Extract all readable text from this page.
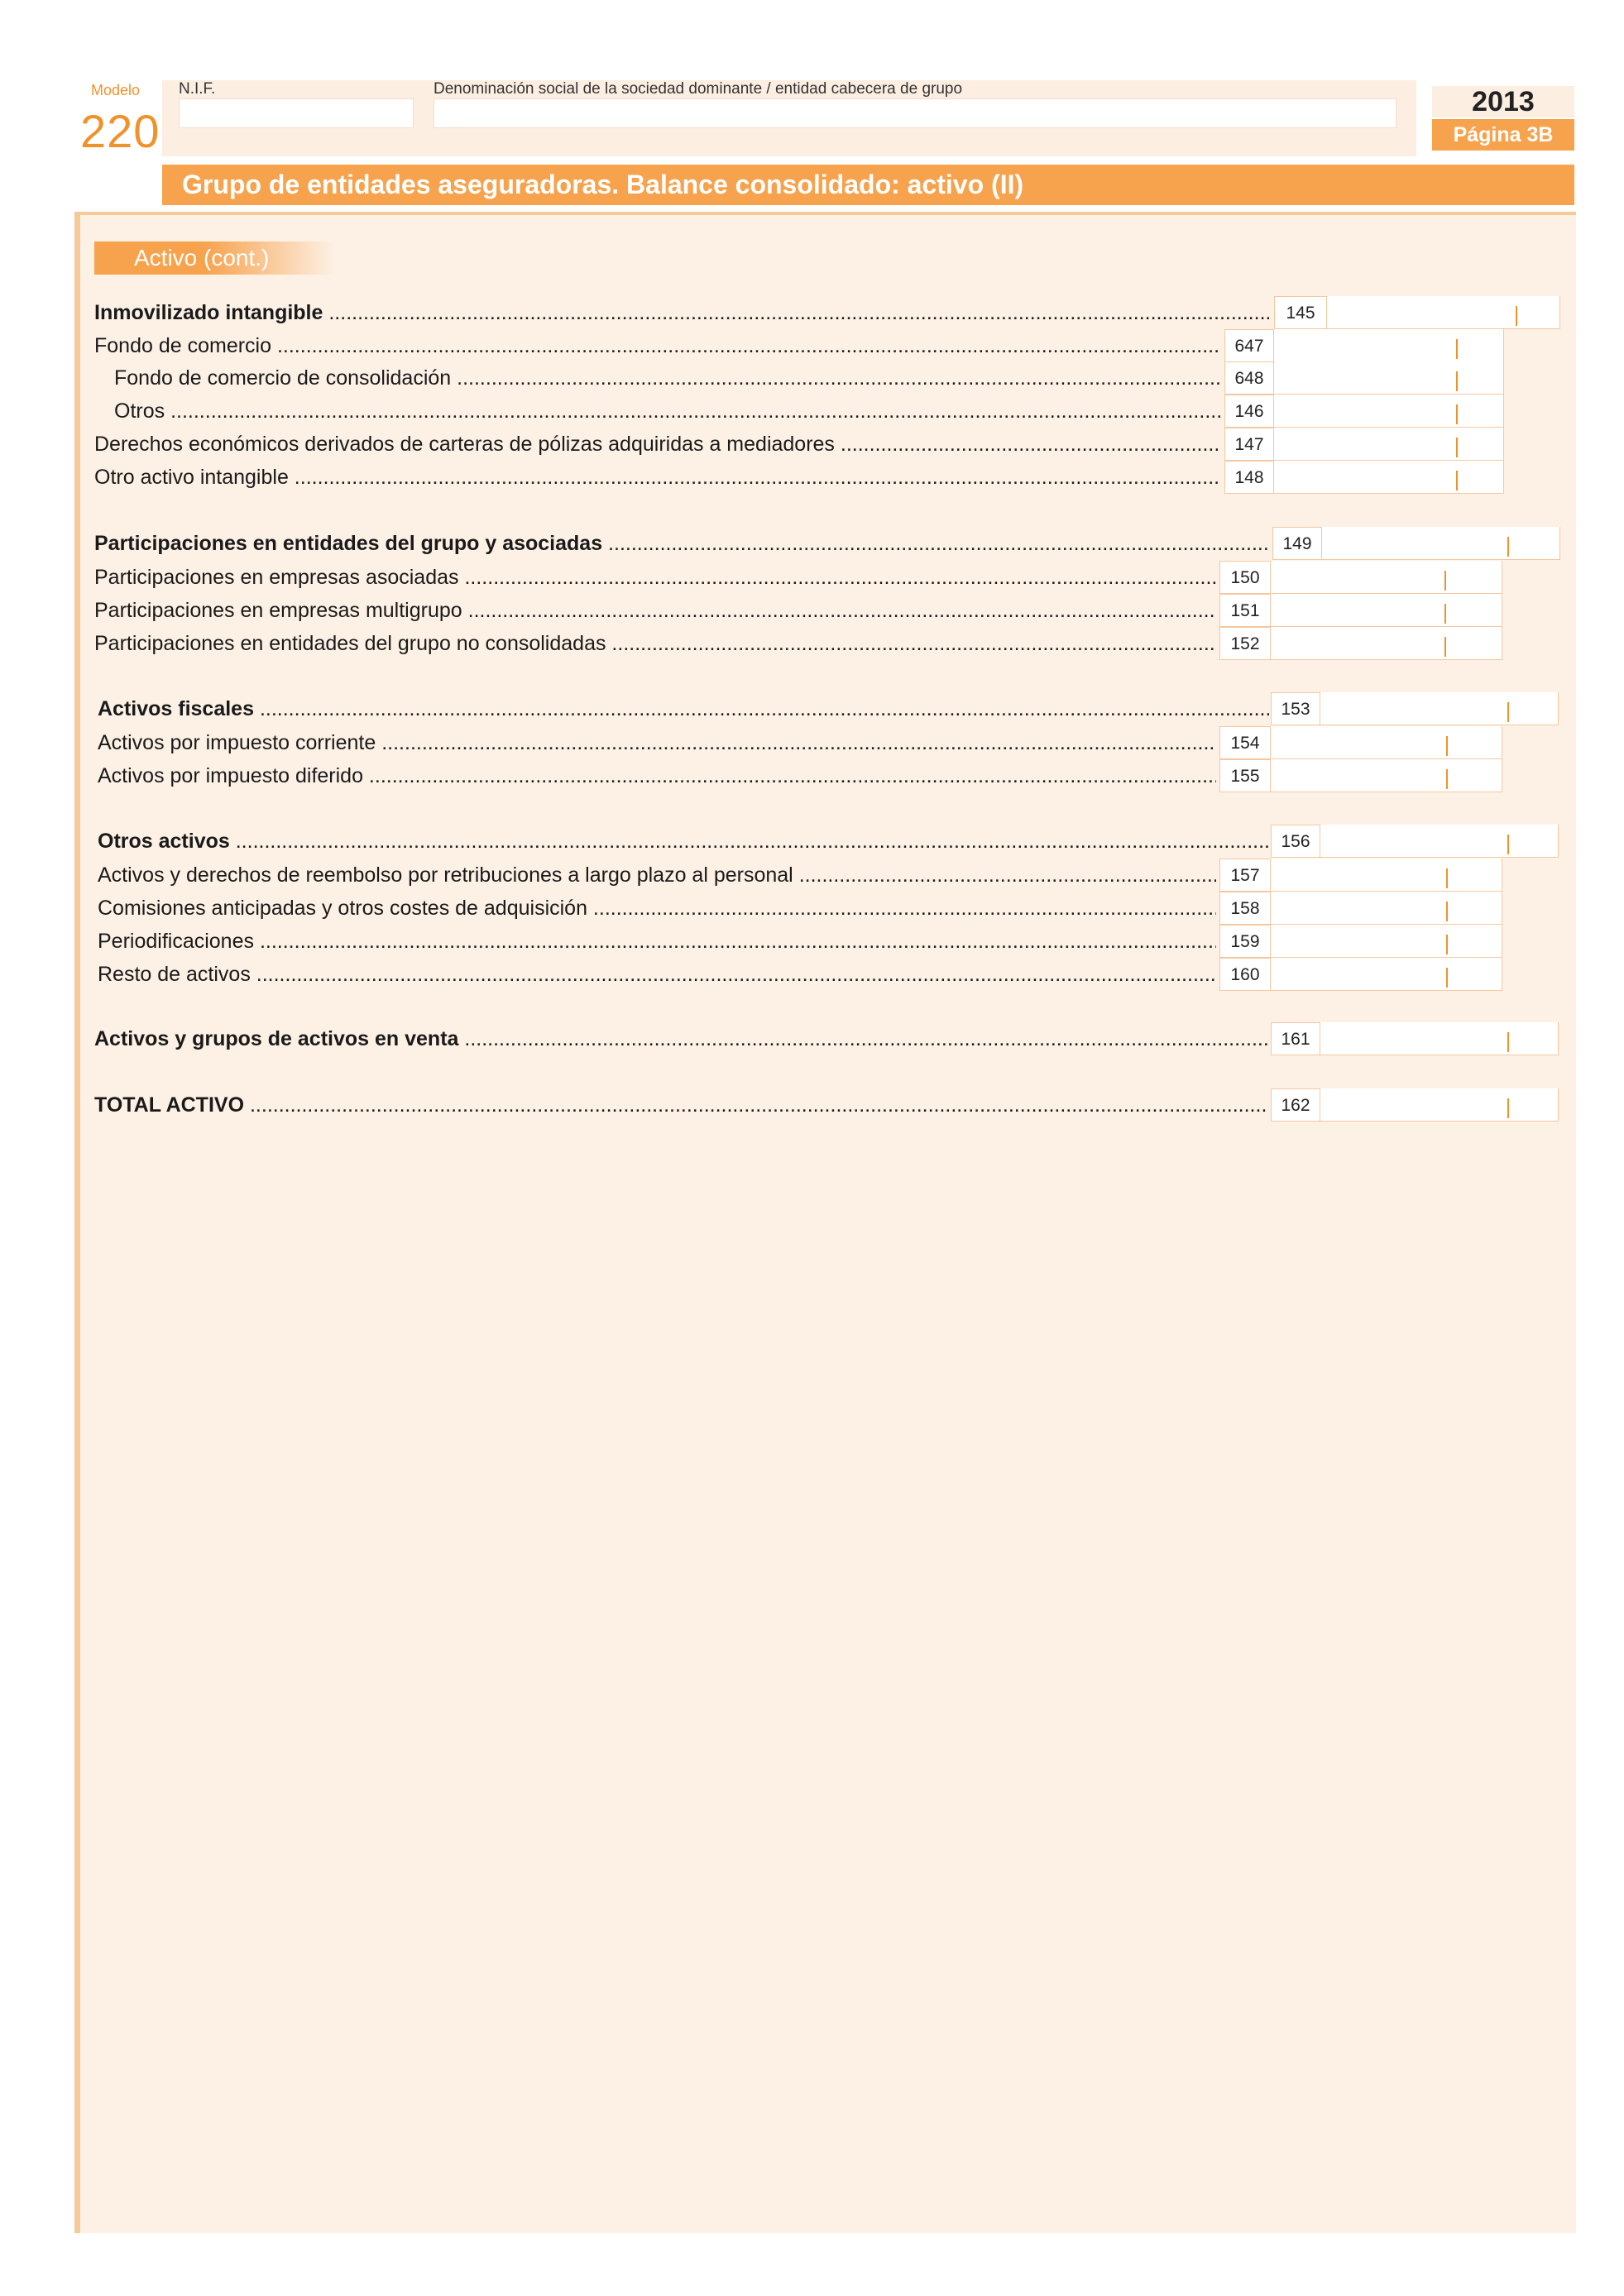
Modelo
220
N.I.F.	Denominación social de la sociedad dominante / entidad cabecera de grupo	2013
Página 3B
Grupo de entidades aseguradoras. Balance consolidado: activo (II)
Activo (cont.)
Inmovilizado intangible .....	145
Fondo de comercio .....	647
Fondo de comercio de consolidación .....	648
Otros .....	146
Derechos económicos derivados de carteras de pólizas adquiridas a mediadores .....	147
Otro activo intangible .....	148
Participaciones en entidades del grupo y asociadas .....	149
Participaciones en empresas asociadas .....	150
Participaciones en empresas multigrupo .....	151
Participaciones en entidades del grupo no consolidadas .....	152
Activos fiscales .....	153
Activos por impuesto corriente .....	154
Activos por impuesto diferido .....	155
Otros activos .....	156
Activos y derechos de reembolso por retribuciones a largo plazo al personal .....	157
Comisiones anticipadas y otros costes de adquisición .....	158
Periodificaciones .....	159
Resto de activos .....	160
Activos y grupos de activos en venta .....	161
TOTAL ACTIVO .....	162
